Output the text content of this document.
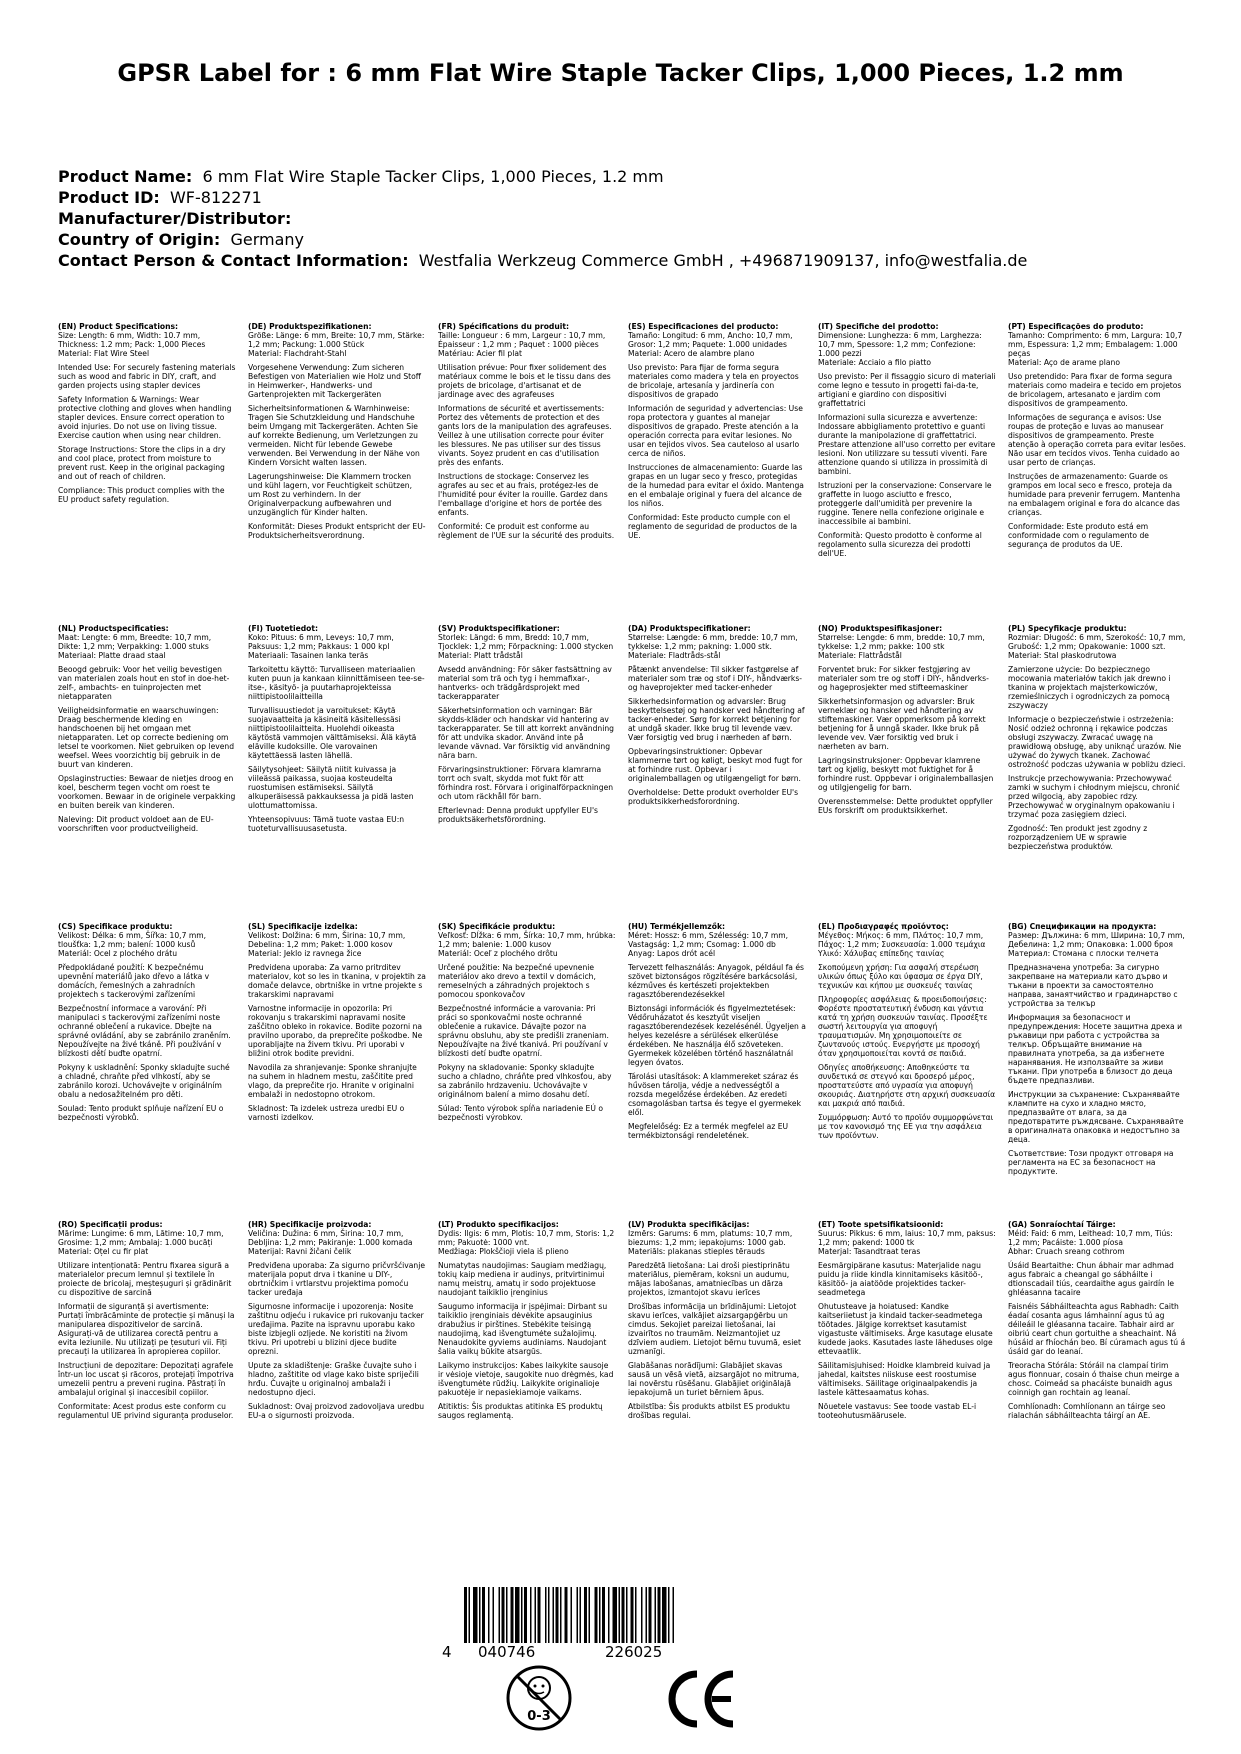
GPSR Label for : 6 mm Flat Wire Staple Tacker Clips, 1,000 Pieces, 1.2 mm
Product Name: 6 mm Flat Wire Staple Tacker Clips, 1,000 Pieces, 1.2 mm
Product ID: WF-812271
Manufacturer/Distributor:
Country of Origin: Germany
Contact Person & Contact Information: Westfalia Werkzeug Commerce GmbH , +496871909137, info@westfalia.de
(EN) Product Specifications:

Size: Length: 6 mm, Width: 10.7 mm, Thickness: 1.2 mm; Pack: 1,000 Pieces

Material: Flat Wire Steel

Intended Use: For securely fastening materials such as wood and fabric in DIY, craft, and garden projects using stapler devices

Safety Information & Warnings: Wear protective clothing and gloves when handling stapler devices. Ensure correct operation to avoid injuries. Do not use on living tissue. Exercise caution when using near children.

Storage Instructions: Store the clips in a dry and cool place, protect from moisture to prevent rust. Keep in the original packaging and out of reach of children.

Compliance: This product complies with the EU product safety regulation.

(DE) Produktspezifikationen:

Größe: Länge: 6 mm, Breite: 10,7 mm, Stärke: 1,2 mm; Packung: 1.000 Stück

Material: Flachdraht-Stahl

Vorgesehene Verwendung: Zum sicheren Befestigen von Materialien wie Holz und Stoff in Heimwerker-, Handwerks- und Gartenprojekten mit Tackergeräten

Sicherheitsinformationen & Warnhinweise: Tragen Sie Schutzkleidung und Handschuhe beim Umgang mit Tackergeräten. Achten Sie auf korrekte Bedienung, um Verletzungen zu vermeiden. Nicht für lebende Gewebe verwenden. Bei Verwendung in der Nähe von Kindern Vorsicht walten lassen.

Lagerungshinweise: Die Klammern trocken und kühl lagern, vor Feuchtigkeit schützen, um Rost zu verhindern. In der Originalverpackung aufbewahren und unzugänglich für Kinder halten.

Konformität: Dieses Produkt entspricht der EU-Produktsicherheitsverordnung.

(FR) Spécifications du produit:

Taille: Longueur : 6 mm, Largeur : 10,7 mm, Épaisseur : 1,2 mm ; Paquet : 1000 pièces

Matériau: Acier fil plat

Utilisation prévue: Pour fixer solidement des matériaux comme le bois et le tissu dans des projets de bricolage, d'artisanat et de jardinage avec des agrafeuses

Informations de sécurité et avertissements: Portez des vêtements de protection et des gants lors de la manipulation des agrafeuses. Veillez à une utilisation correcte pour éviter les blessures. Ne pas utiliser sur des tissus vivants. Soyez prudent en cas d'utilisation près des enfants.

Instructions de stockage: Conservez les agrafes au sec et au frais, protégez-les de l'humidité pour éviter la rouille. Gardez dans l'emballage d'origine et hors de portée des enfants.

Conformité: Ce produit est conforme au règlement de l'UE sur la sécurité des produits.

(ES) Especificaciones del producto:

Tamaño: Longitud: 6 mm, Ancho: 10,7 mm, Grosor: 1,2 mm; Paquete: 1.000 unidades

Material: Acero de alambre plano

Uso previsto: Para fijar de forma segura materiales como madera y tela en proyectos de bricolaje, artesanía y jardinería con dispositivos de grapado

Información de seguridad y advertencias: Use ropa protectora y guantes al manejar dispositivos de grapado. Preste atención a la operación correcta para evitar lesiones. No usar en tejidos vivos. Sea cauteloso al usarlo cerca de niños.

Instrucciones de almacenamiento: Guarde las grapas en un lugar seco y fresco, protegidas de la humedad para evitar el óxido. Mantenga en el embalaje original y fuera del alcance de los niños.

Conformidad: Este producto cumple con el reglamento de seguridad de productos de la UE.

(IT) Specifiche del prodotto:

Dimensione: Lunghezza: 6 mm, Larghezza: 10,7 mm, Spessore: 1,2 mm; Confezione: 1.000 pezzi

Materiale: Acciaio a filo piatto

Uso previsto: Per il fissaggio sicuro di materiali come legno e tessuto in progetti fai-da-te, artigiani e giardino con dispositivi graffettatrici

Informazioni sulla sicurezza e avvertenze: Indossare abbigliamento protettivo e guanti durante la manipolazione di graffettatrici. Prestare attenzione all'uso corretto per evitare lesioni. Non utilizzare su tessuti viventi. Fare attenzione quando si utilizza in prossimità di bambini.

Istruzioni per la conservazione: Conservare le graffette in luogo asciutto e fresco, proteggerle dall'umidità per prevenire la ruggine. Tenere nella confezione originale e inaccessibile ai bambini.

Conformità: Questo prodotto è conforme al regolamento sulla sicurezza dei prodotti dell'UE.

(PT) Especificações do produto:

Tamanho: Comprimento: 6 mm, Largura: 10,7 mm, Espessura: 1,2 mm; Embalagem: 1.000 peças

Material: Aço de arame plano

Uso pretendido: Para fixar de forma segura materiais como madeira e tecido em projetos de bricolagem, artesanato e jardim com dispositivos de grampeamento.

Informações de segurança e avisos: Use roupas de proteção e luvas ao manusear dispositivos de grampeamento. Preste atenção à operação correta para evitar lesões. Não usar em tecidos vivos. Tenha cuidado ao usar perto de crianças.

Instruções de armazenamento: Guarde os grampos em local seco e fresco, proteja da humidade para prevenir ferrugem. Mantenha na embalagem original e fora do alcance das crianças.

Conformidade: Este produto está em conformidade com o regulamento de segurança de produtos da UE.

(NL) Productspecificaties:

Maat: Lengte: 6 mm, Breedte: 10,7 mm, Dikte: 1,2 mm; Verpakking: 1.000 stuks

Materiaal: Platte draad staal

Beoogd gebruik: Voor het veilig bevestigen van materialen zoals hout en stof in doe-het-zelf-, ambachts- en tuinprojecten met nietapparaten

Veiligheidsinformatie en waarschuwingen: Draag beschermende kleding en handschoenen bij het omgaan met nietapparaten. Let op correcte bediening om letsel te voorkomen. Niet gebruiken op levend weefsel. Wees voorzichtig bij gebruik in de buurt van kinderen.

Opslaginstructies: Bewaar de nietjes droog en koel, bescherm tegen vocht om roest te voorkomen. Bewaar in de originele verpakking en buiten bereik van kinderen.

Naleving: Dit product voldoet aan de EU-voorschriften voor productveiligheid.

(FI) Tuotetiedot:

Koko: Pituus: 6 mm, Leveys: 10,7 mm, Paksuus: 1,2 mm; Pakkaus: 1 000 kpl

Materiaali: Tasainen lanka teräs

Tarkoitettu käyttö: Turvalliseen materiaalien kuten puun ja kankaan kiinnittämiseen tee-se-itse-, käsityö- ja puutarhaprojekteissa niittipistoolilaitteilla

Turvallisuustiedot ja varoitukset: Käytä suojavaatteita ja käsineitä käsitellessäsi niittipistoolilaitteita. Huolehdi oikeasta käytöstä vammojen välttämiseksi. Älä käytä eläville kudoksille. Ole varovainen käytettäessä lasten lähellä.

Säilytysohjeet: Säilytä niitit kuivassa ja viileässä paikassa, suojaa kosteudelta ruostumisen estämiseksi. Säilytä alkuperäisessä pakkauksessa ja pidä lasten ulottumattomissa.

Yhteensopivuus: Tämä tuote vastaa EU:n tuoteturvallisuusasetusta.

(SV) Produktspecifikationer:

Storlek: Längd: 6 mm, Bredd: 10,7 mm, Tjocklek: 1,2 mm; Förpackning: 1.000 stycken

Material: Platt trådstål

Avsedd användning: För säker fastsättning av material som trä och tyg i hemmafixar-, hantverks- och trädgårdsprojekt med tackerapparater

Säkerhetsinformation och varningar: Bär skydds-kläder och handskar vid hantering av tackerapparater. Se till att korrekt användning för att undvika skador. Använd inte på levande vävnad. Var försiktig vid användning nära barn.

Förvaringsinstruktioner: Förvara klamrarna torrt och svalt, skydda mot fukt för att förhindra rost. Förvara i originalförpackningen och utom räckhåll för barn.

Efterlevnad: Denna produkt uppfyller EU's produktsäkerhetsförordning.

(DA) Produktspecifikationer:

Størrelse: Længde: 6 mm, bredde: 10,7 mm, tykkelse: 1,2 mm; pakning: 1.000 stk.

Materiale: Fladtråds-stål

Påtænkt anvendelse: Til sikker fastgørelse af materialer som træ og stof i DIY-, håndværks- og haveprojekter med tacker-enheder

Sikkerhedsinformation og advarsler: Brug beskyttelsestøj og handsker ved håndtering af tacker-enheder. Sørg for korrekt betjening for at undgå skader. Ikke brug til levende væv. Vær forsigtig ved brug i nærheden af børn.

Opbevaringsinstruktioner: Opbevar klammerne tørt og køligt, beskyt mod fugt for at forhindre rust. Opbevar i originalemballagen og utilgængeligt for børn.

Overholdelse: Dette produkt overholder EU's produktsikkerhedsforordning.

(NO) Produktspesifikasjoner:

Størrelse: Lengde: 6 mm, bredde: 10,7 mm, tykkelse: 1,2 mm; pakke: 100 stk

Materiale: Flattrådstål

Forventet bruk: For sikker festgjøring av materialer som tre og stoff i DIY-, håndverks- og hageprosjekter med stifteemaskiner

Sikkerhetsinformasjon og advarsler: Bruk verneklær og hansker ved håndtering av stiftemaskiner. Vær oppmerksom på korrekt betjening for å unngå skader. Ikke bruk på levende vev. Vær forsiktig ved bruk i nærheten av barn.

Lagringsinstruksjoner: Oppbevar klamrene tørt og kjølig, beskytt mot fuktighet for å forhindre rust. Oppbevar i originalemballasjen og utilgjengelig for barn.

Overensstemmelse: Dette produktet oppfyller EUs forskrift om produktsikkerhet.

(PL) Specyfikacje produktu:

Rozmiar: Długość: 6 mm, Szerokość: 10,7 mm, Grubość: 1,2 mm; Opakowanie: 1000 szt.

Materiał: Stal płaskodrutowa

Zamierzone użycie: Do bezpiecznego mocowania materiałów takich jak drewno i tkanina w projektach majsterkowiczów, rzemieślniczych i ogrodniczych za pomocą zszywaczy

Informacje o bezpieczeństwie i ostrzeżenia: Nosić odzież ochronną i rękawice podczas obsługi zszywaczy. Zwracać uwagę na prawidłową obsługę, aby uniknąć urazów. Nie używać do żywych tkanek. Zachować ostrożność podczas używania w pobliżu dzieci.

Instrukcje przechowywania: Przechowywać zamki w suchym i chłodnym miejscu, chronić przed wilgocią, aby zapobiec rdzy. Przechowywać w oryginalnym opakowaniu i trzymać poza zasięgiem dzieci.

Zgodność: Ten produkt jest zgodny z rozporządzeniem UE w sprawie bezpieczeństwa produktów.

(CS) Specifikace produktu:

Velikost: Délka: 6 mm, Šířka: 10,7 mm, tloušťka: 1,2 mm; balení: 1000 kusů

Materiál: Ocel z plochého drátu

Předpokládané použití: K bezpečnému upevnění materiálů jako dřevo a látka v domácích, řemeslných a zahradních projektech s tackerovými zařízeními

Bezpečnostní informace a varování: Při manipulaci s tackerovými zařízeními noste ochranné oblečení a rukavice. Dbejte na správné ovládání, aby se zabránilo zraněním. Nepoužívejte na živé tkáně. Při používání v blízkosti dětí buďte opatrní.

Pokyny k uskladnění: Sponky skladujte suché a chladné, chraňte před vlhkostí, aby se zabránilo korozi. Uchovávejte v originálním obalu a nedosažitelném pro děti.

Soulad: Tento produkt splňuje nařízení EU o bezpečnosti výrobků.

(SL) Specifikacije izdelka:

Velikost: Dolžina: 6 mm, Širina: 10,7 mm, Debelina: 1,2 mm; Paket: 1.000 kosov

Material: Jeklo iz ravnega žice

Predvidena uporaba: Za varno pritrditev materialov, kot so les in tkanina, v projektih za domače delavce, obrtniške in vrtne projekte s trakarskimi napravami

Varnostne informacije in opozorila: Pri rokovanju s trakarskimi napravami nosite zaščitno obleko in rokavice. Bodite pozorni na pravilno uporabo, da preprečite poškodbe. Ne uporabljajte na živem tkivu. Pri uporabi v bližini otrok bodite previdni.

Navodila za shranjevanje: Sponke shranjujte na suhem in hladnem mestu, zaščitite pred vlago, da preprečite rjo. Hranite v originalni embalaži in nedostopno otrokom.

Skladnost: Ta izdelek ustreza uredbi EU o varnosti izdelkov.

(SK) Špecifikácie produktu:

Veľkosť: Dĺžka: 6 mm, Šírka: 10,7 mm, hrúbka: 1,2 mm; balenie: 1.000 kusov

Materiál: Oceľ z plochého drôtu

Určené použitie: Na bezpečné upevnenie materiálov ako drevo a textil v domácich, remeselných a záhradných projektoch s pomocou sponkovačov

Bezpečnostné informácie a varovania: Pri práci so sponkovačmi noste ochranné oblečenie a rukavice. Dávajte pozor na správnu obsluhu, aby ste predišli zraneniam. Nepoužívajte na živé tkanivá. Pri používaní v blízkosti detí buďte opatrní.

Pokyny na skladovanie: Sponky skladujte suchо a chladno, chráňte pred vlhkosťou, aby sa zabránilo hrdzaveniu. Uchovávajte v originálnom balení a mimo dosahu detí.

Súlad: Tento výrobok spĺňa nariadenie EÚ o bezpečnosti výrobkov.

(HU) Termékjellemzők:

Méret: Hossz: 6 mm, Szélesség: 10,7 mm, Vastagság: 1,2 mm; Csomag: 1.000 db

Anyag: Lapos drót acél

Tervezett felhasználás: Anyagok, például fa és szövet biztonságos rögzítésére barkácsolási, kézműves és kertészeti projektekben ragasztóberendezésekkel

Biztonsági információk és figyelmeztetések: Védőruházatot és kesztyűt viseljen ragasztóberendezések kezelésénél. Ügyeljen a helyes kezelésre a sérülések elkerülése érdekében. Ne használja élő szöveteken. Gyermekek közelében történő használatnál legyen óvatos.

Tárolási utasítások: A klammereket száraz és hűvösen tárolja, védje a nedvességtől a rozsda megelőzése érdekében. Az eredeti csomagolásban tartsa és tegye el gyermekek elől.

Megfelelőség: Ez a termék megfelel az EU termékbiztonsági rendeletének.

(EL) Προδιαγραφές προϊόντος:

Μέγεθος: Μήκος: 6 mm, Πλάτος: 10,7 mm, Πάχος: 1,2 mm; Συσκευασία: 1.000 τεμάχια

Υλικό: Χάλυβας επίπεδης ταινίας

Σκοπούμενη χρήση: Για ασφαλή στερέωση υλικών όπως ξύλο και ύφασμα σε έργα DIY, τεχνικών και κήπου με συσκευές ταινίας

Πληροφορίες ασφάλειας & προειδοποιήσεις: Φορέστε προστατευτική ένδυση και γάντια κατά τη χρήση συσκευών ταινίας. Προσέξτε σωστή λειτουργία για αποφυγή τραυματισμών. Μη χρησιμοποιείτε σε ζωντανούς ιστούς. Ενεργήστε με προσοχή όταν χρησιμοποιείται κοντά σε παιδιά.

Οδηγίες αποθήκευσης: Αποθηκεύστε τα συνδετικά σε στεγνό και δροσερό μέρος, προστατεύστε από υγρασία για αποφυγή σκουριάς. Διατηρήστε στη αρχική συσκευασία και μακριά από παιδιά.

Συμμόρφωση: Αυτό το προϊόν συμμορφώνεται με τον κανονισμό της ΕΕ για την ασφάλεια των προϊόντων.

(BG) Спецификации на продукта:

Размер: Дължина: 6 mm, Ширина: 10,7 mm, Дебелина: 1,2 mm; Опаковка: 1.000 броя

Материал: Стомана с плоски телчета

Предназначена употреба: За сигурно закрепване на материали като дърво и тъкани в проекти за самостоятелно направа, занаятчийство и градинарство с устройства за телкър

Информация за безопасност и предупреждения: Носете защитна дреха и ръкавици при работа с устройства за телкър. Обръщайте внимание на правилната употреба, за да избегнете наранявания. Не използвайте за живи тъкани. При употреба в близост до деца бъдете предпазливи.

Инструкции за съхранение: Съхранявайте клампите на сухо и хладно място, предпазвайте от влага, за да предотвратите ръждясване. Съхранявайте в оригиналната опаковка и недостъпно за деца.

Съответствие: Този продукт отговаря на регламента на ЕС за безопасност на продуктите.

(RO) Specificații produs:

Mărime: Lungime: 6 mm, Lătime: 10,7 mm, Grosime: 1,2 mm; Ambalaj: 1.000 bucăți

Material: Oțel cu fir plat

Utilizare intenționată: Pentru fixarea sigură a materialelor precum lemnul și textilele în proiecte de bricolaj, meșteșuguri și grădinărit cu dispozitive de sarcină

Informații de siguranță și avertismente: Purtați îmbrăcăminte de protecție și mănuși la manipularea dispozitivelor de sarcină. Asigurați-vă de utilizarea corectă pentru a evita leziunile. Nu utilizați pe țesuturi vii. Fiți precauți la utilizarea în apropierea copiilor.

Instrucțiuni de depozitare: Depozitați agrafele într-un loc uscat și răcoros, protejați împotriva umezelii pentru a preveni rugina. Păstrați în ambalajul original și inaccesibil copiilor.

Conformitate: Acest produs este conform cu regulamentul UE privind siguranța produselor.

(HR) Specifikacije proizvoda:

Veličina: Dužina: 6 mm, Širina: 10,7 mm, Debljina: 1,2 mm; Pakiranje: 1.000 komada

Materijal: Ravni žičani čelik

Predviđena uporaba: Za sigurno pričvršćivanje materijala poput drva i tkanine u DIY-, obrtničkim i vrtlarstvu projektima pomoću tacker uređaja

Sigurnosne informacije i upozorenja: Nosite zaštitnu odjeću i rukavice pri rukovanju tacker uređajima. Pazite na ispravnu uporabu kako biste izbjegli ozljede. Ne koristiti na živom tkivu. Pri upotrebi u blizini djece budite oprezni.

Upute za skladištenje: Graške čuvajte suho i hladno, zaštitite od vlage kako biste spriječili hrđu. Čuvajte u originalnoj ambalaži i nedostupno djeci.

Sukladnost: Ovaj proizvod zadovoljava uredbu EU-a o sigurnosti proizvoda.

(LT) Produkto specifikacijos:

Dydis: Ilgis: 6 mm, Plotis: 10,7 mm, Storis: 1,2 mm; Pakuotė: 1000 vnt.

Medžiaga: Plokščioji viela iš plieno

Numatytas naudojimas: Saugiam medžiagų, tokių kaip medienа ir audinys, pritvirtinimui namų meistrų, amatų ir sodo projektuose naudojant taikiklio įrenginius

Saugumo informacija ir įspėjimai: Dirbant su taikiklio įrenginiais dėvėkite apsauginius drabužius ir pirštines. Stebėkite teisingą naudojimą, kad išvengtumėte sužalojimų. Nenaudokite gyviems audiniams. Naudojant šalia vaikų būkite atsargūs.

Laikymo instrukcijos: Kabes laikykite sausoje ir vėsioje vietoje, saugokite nuo drėgmės, kad išvengtumėte rūdžių. Laikykite originalioje pakuotėje ir nepasiekiamoje vaikams.

Atitiktis: Šis produktas atitinka ES produktų saugos reglamentą.

(LV) Produkta specifikācijas:

Izmērs: Garums: 6 mm, platums: 10,7 mm, biezums: 1,2 mm; iepakojums: 1000 gab.

Materiāls: plakanas stieples tērauds

Paredzētā lietošana: Lai droši piestiprinātu materiālus, piemēram, koksni un audumu, mājas labošanas, amatniecības un dārza projektos, izmantojot skavu ierīces

Drošības informācija un brīdinājumi: Lietojot skavu ierīces, valkājiet aizsargapģērbu un cimdus. Sekojiet pareizai lietošanai, lai izvairītos no traumām. Neizmantojiet uz dzīviem audiem. Lietojot bērnu tuvumā, esiet uzmanīgi.

Glabāšanas norādījumi: Glabājiet skavas sausā un vēsā vietā, aizsargājot no mitruma, lai novērstu rūsēšanu. Glabājiet oriģinālajā iepakojumā un turiet bērniem āpus.

Atbilstība: Šis produkts atbilst ES produktu drošības regulai.

(ET) Toote spetsifikatsioonid:

Suurus: Pikkus: 6 mm, laius: 10,7 mm, paksus: 1,2 mm; pakend: 1000 tk

Materjal: Tasandtraat teras

Eesmärgipärane kasutus: Materjalide nagu puidu ja riide kindla kinnitamiseks käsitöö-, käsitöö- ja aiatööde projektides tacker-seadmetega

Ohutusteave ja hoiatused: Kandke kaitseriietust ja kindaid tacker-seadmetega töötades. Jälgige korrektset kasutamist vigastuste vältimiseks. Ärge kasutage elusate kudede jaoks. Kasutades laste läheduses olge ettevaatlik.

Säilitamisjuhised: Hoidke klambreid kuivad ja jahedal, kaitstes niiskuse eest roostumise vältimiseks. Säilitage originaalpakendis ja lastele kättesaamatus kohas.

Nõuetele vastavus: See toode vastab EL-i tooteohutusmäärusele.

(GA) Sonraíochtaí Táirge:

Méid: Faid: 6 mm, Leithead: 10,7 mm, Tiús: 1,2 mm; Pacáiste: 1.000 píosa

Ábhar: Cruach sreang cothrom

Úsáid Beartaithe: Chun ábhair mar adhmad agus fabraic a cheangal go sábháilte i dtionscadail tiús, ceardaithe agus gairdín le ghléasanna tacaire

Faisnéis Sábháilteachta agus Rabhadh: Caith éadaí cosanta agus lámhainní agus tú ag déileáil le gléasanna tacaire. Tabhair aird ar oibriú ceart chun gortuithe a sheachaint. Ná húsáid ar fhíochán beo. Bí cúramach agus tú á úsáid gar do leanaí.

Treoracha Stórála: Stóráil na clampaí tirim agus fionnuar, cosain ó thaise chun meirge a chosc. Coimeád sa phacáiste bunaidh agus coinnigh gan rochtain ag leanaí.

Comhlíonadh: Comhlíonann an táirge seo rialachán sábháilteachta táirgí an AE.

4 040746	226025
0-3
